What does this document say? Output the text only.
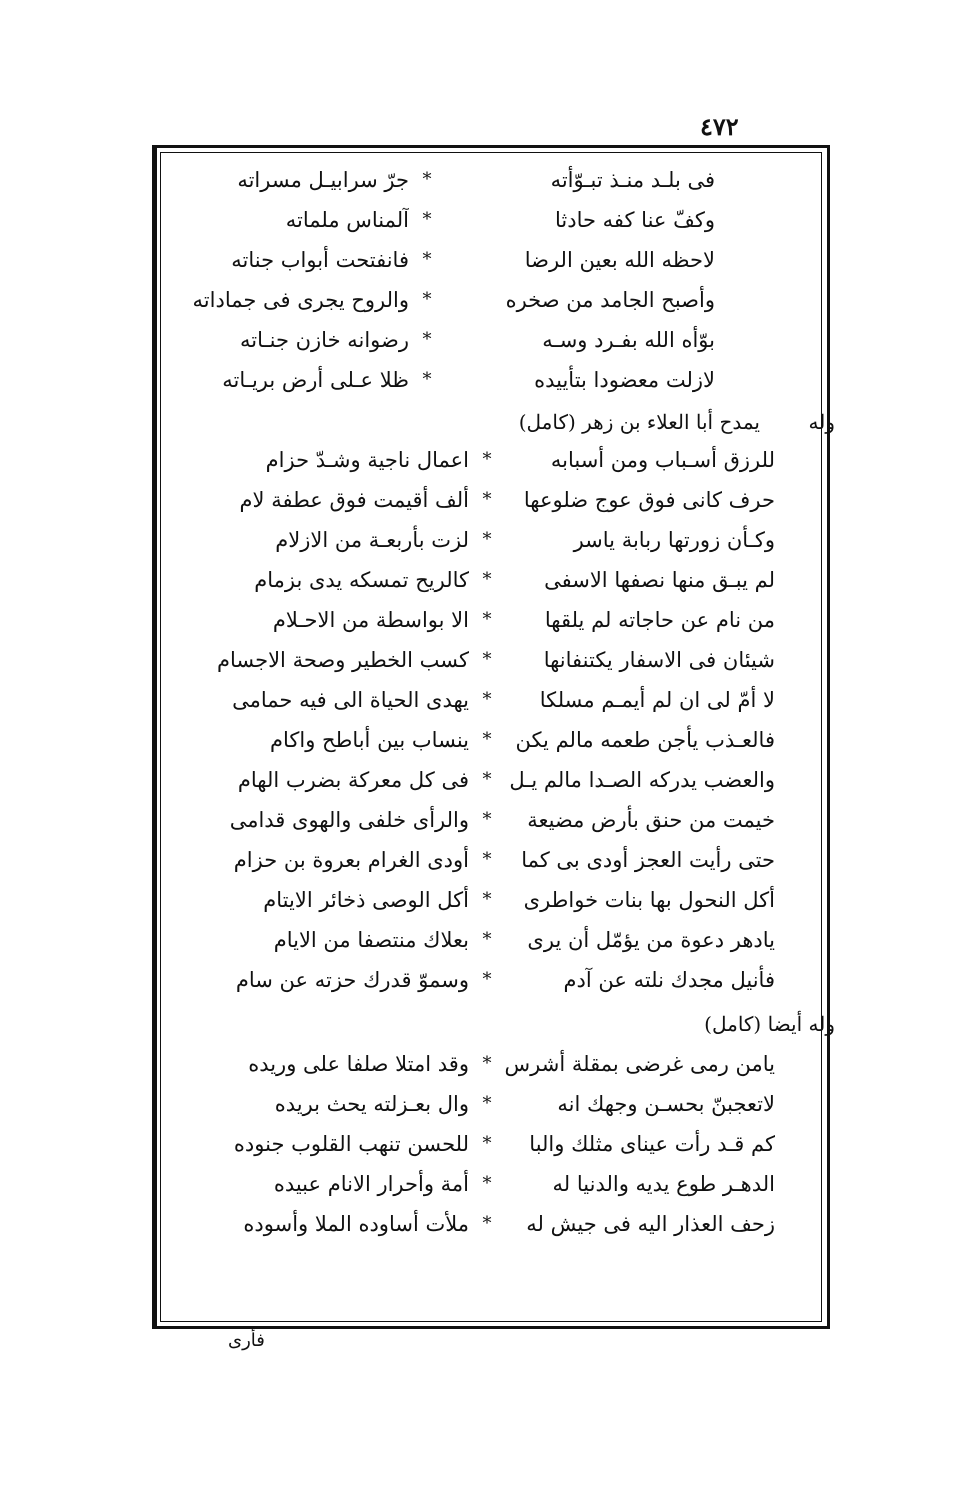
٤٧٢
فى بلـد منـذ تبـوّأته
*
جرّ سرابيـل مسراته
وكفّ عنا كفه حادثا
*
آلمناس ملماته
لاحظه الله بعين الرضا
*
فانفتحت أبواب جناته
وأصبح الجامد من صخره
*
والروح يجرى فى جماداته
بوّأه الله بفـرد وسـه
*
رضوانه خازن جنـاته
لازلت معضودا بتأييده
*
ظلا عـلى أرض بريـاته
وله
يمدح أبا العلاء بن زهر (كامل)
للرزق أسـباب ومن أسبابه
*
اعمال ناجية وشـدّ حزام
حرف كانى فوق عوج ضلوعها
*
ألف أقيمت فوق عطفة لام
وكـأن زورتها ربابة ياسر
*
لزت بأربعـة من الازلام
لم يبـق منها نصفها الاسفى
*
كالريح تمسكه يدى بزمام
من نام عن حاجاته لم يلقها
*
الا بواسطة من الاحـلام
شيئان فى الاسفار يكتنفانها
*
كسب الخطير وصحة الاجسام
لا أمّ لى ان لم أيمـم مسلكا
*
يهدى الحياة الى فيه حمامى
فالعـذب يأجن طعمه مالم يكن
*
ينساب بين أباطح واكام
والعضب يدركه الصـدا مالم يـل
*
فى كل معركة بضرب الهام
خيمت من حنق بأرض مضيعة
*
والرأى خلفى والهوى قدامى
حتى رأيت العجز أودى بى كما
*
أودى الغرام بعروة بن حزام
أكل النحول بها بنات خواطرى
*
أكل الوصى ذخائر الايتام
يادهر دعوة من يؤمّل أن يرى
*
بعلاك منتصفا من الايام
فأنيل مجدك نلته عن آدم
*
وسموّ قدرك حزته عن سام
وله أيضا (كامل)
يامن رمى غرضى بمقلة أشرس
*
وقد امتلا صلفا على وريده
لاتعجبنّ بحسـن وجهك انه
*
وال بعـزلته يحث بريده
كم قـد رأت عيناى مثلك والبا
*
للحسن تنهب القلوب جنوده
الدهـر طوع يديه والدنيا له
*
أمة وأحرار الانام عبيده
زحف العذار اليه فى جيش له
*
ملأت أساوده الملا وأسوده
فأرى
